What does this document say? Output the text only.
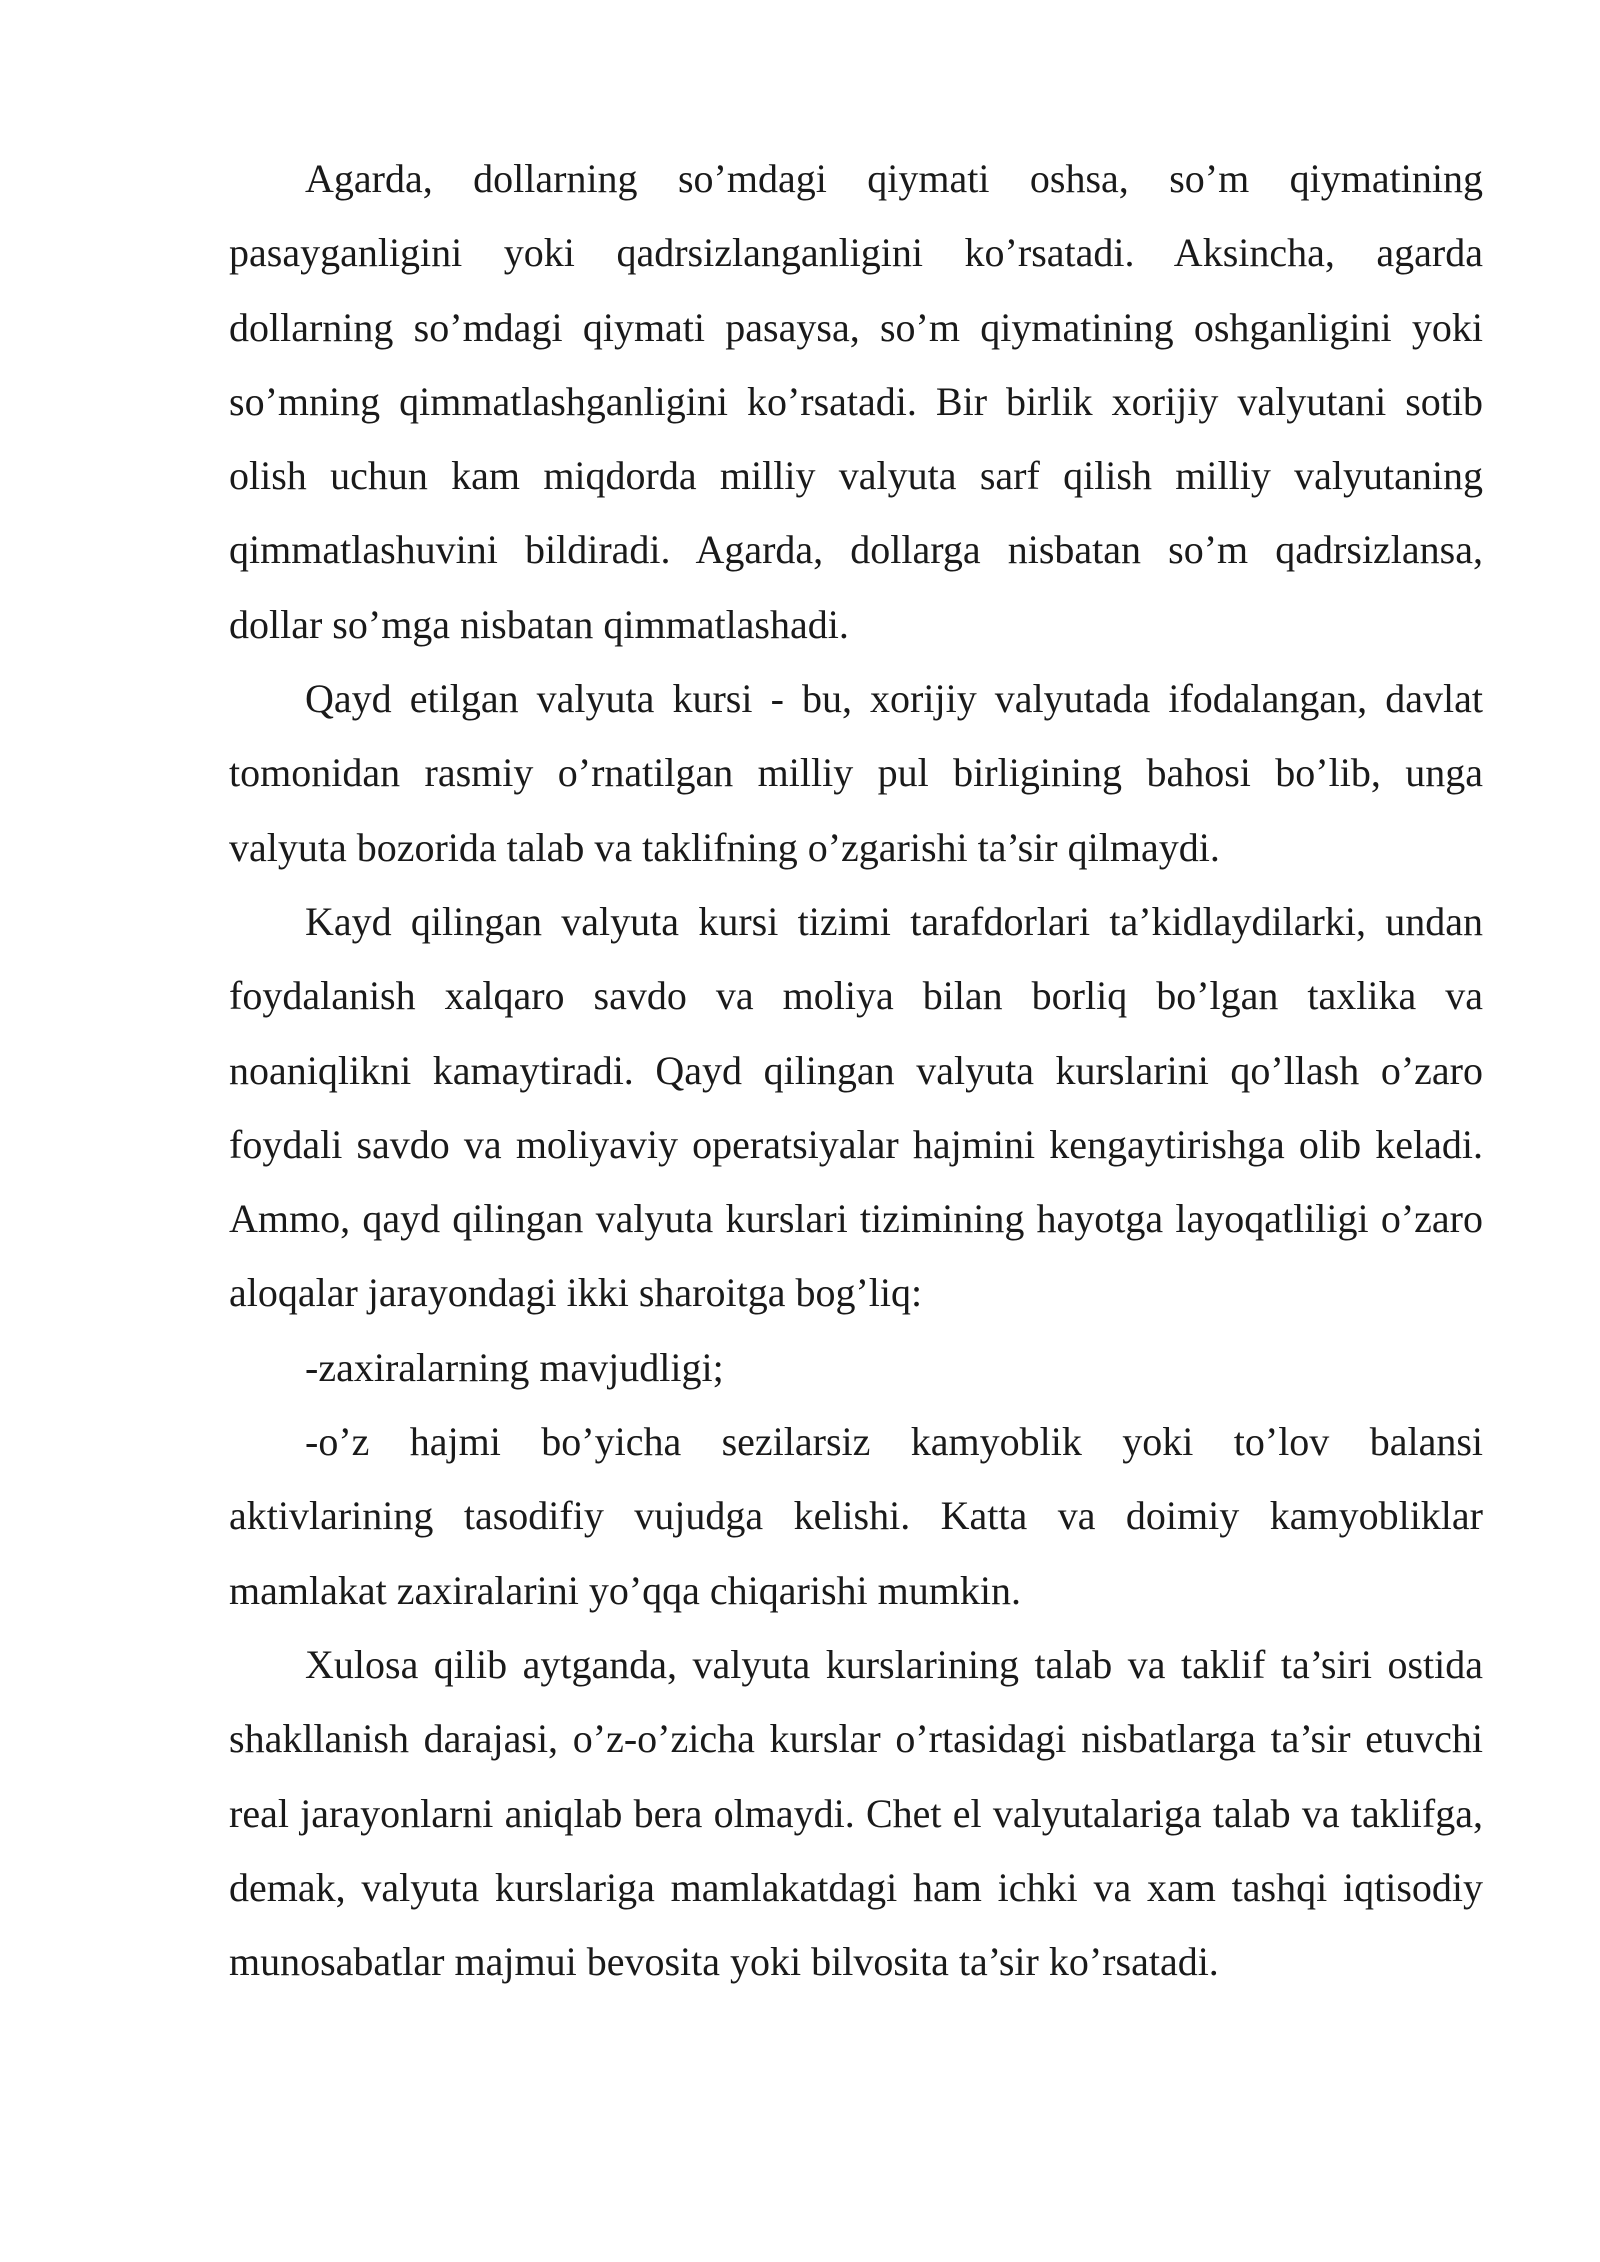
Agarda, dollarning so’mdagi qiymati oshsa, so’m qiymatining pasayganligini yoki qadrsizlanganligini ko’rsatadi. Aksincha, agarda dollarning so’mdagi qiymati pasaysa, so’m qiymatining oshganligini yoki so’mning qimmatlashganligini ko’rsatadi. Bir birlik xorijiy valyutani sotib olish uchun kam miqdorda milliy valyuta sarf qilish milliy valyutaning qimmatlashuvini bildiradi. Agarda, dollarga nisbatan so’m qadrsizlansa, dollar so’mga nisbatan qimmatlashadi.

Qayd etilgan valyuta kursi - bu, xorijiy valyutada ifodalangan, davlat tomonidan rasmiy o’rnatilgan milliy pul birligining bahosi bo’lib, unga valyuta bozorida talab va taklifning o’zgarishi ta’sir qilmaydi.

Kayd qilingan valyuta kursi tizimi tarafdorlari ta’kidlaydilarki, undan foydalanish xalqaro savdo va moliya bilan borliq bo’lgan taxlika va noaniqlikni kamaytiradi. Qayd qilingan valyuta kurslarini qo’llash o’zaro foydali savdo va moliyaviy operatsiyalar hajmini kengaytirishga olib keladi. Ammo, qayd qilingan valyuta kurslari tizimining hayotga layoqatliligi o’zaro aloqalar jarayondagi ikki sharoitga bog’liq:

-zaxiralarning mavjudligi;

-o’z hajmi bo’yicha sezilarsiz kamyoblik yoki to’lov balansi aktivlarining tasodifiy vujudga kelishi. Katta va doimiy kamyobliklar mamlakat zaxiralarini yo’qqa chiqarishi mumkin.

Xulosa qilib aytganda, valyuta kurslarining talab va taklif ta’siri ostida shakllanish darajasi, o’z-o’zicha kurslar o’rtasidagi nisbatlarga ta’sir etuvchi real jarayonlarni aniqlab bera olmaydi. Chet el valyutalariga talab va taklifga, demak, valyuta kurslariga mamlakatdagi ham ichki va xam tashqi iqtisodiy munosabatlar majmui bevosita yoki bilvosita ta’sir ko’rsatadi.
